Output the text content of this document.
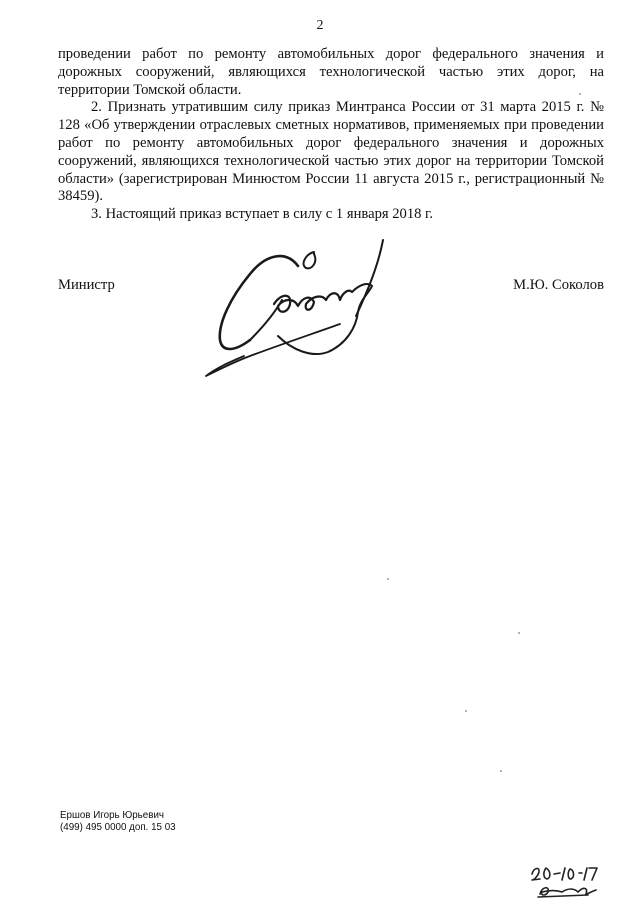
2

проведении работ по ремонту автомобильных дорог федерального значения и дорожных сооружений, являющихся технологической частью этих дорог, на территории Томской области.

2. Признать утратившим силу приказ Минтранса России от 31 марта 2015 г. № 128 «Об утверждении отраслевых сметных нормативов, применяемых при проведении работ по ремонту автомобильных дорог федерального значения и дорожных сооружений, являющихся технологической частью этих дорог на территории Томской области» (зарегистрирован Минюстом России 11 августа 2015 г., регистрационный № 38459).

3. Настоящий приказ вступает в силу с 1 января 2018 г.

Министр	М.Ю. Соколов
Ершов Игорь Юрьевич
(499) 495 0000 доп. 15 03
